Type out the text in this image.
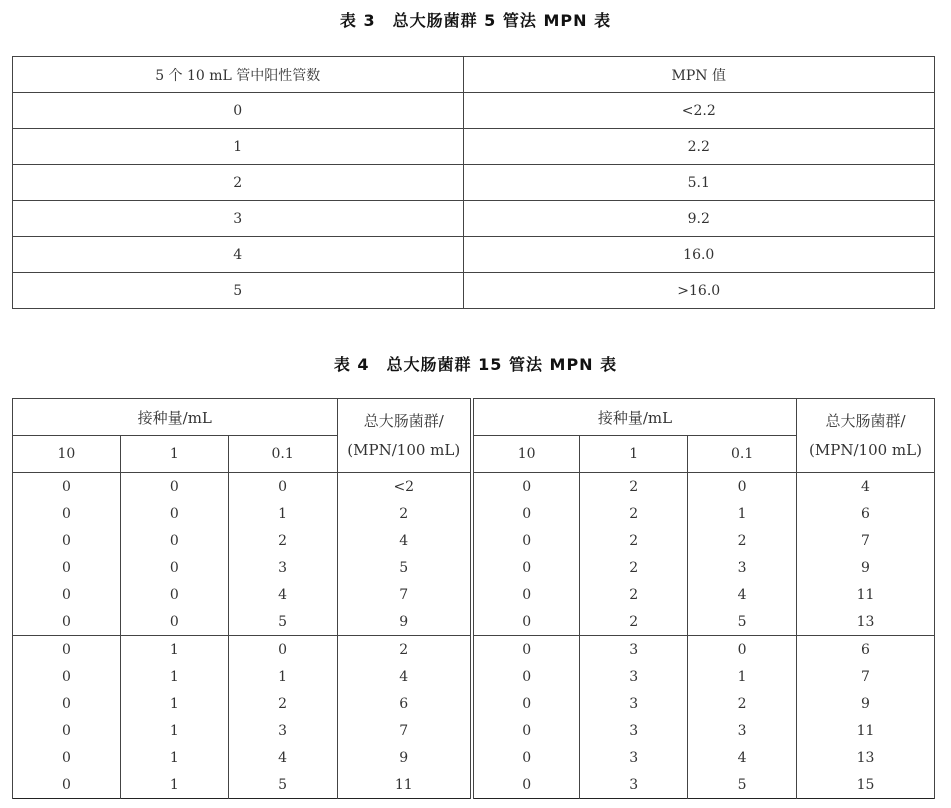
表 3　总大肠菌群 5 管法 MPN 表
5 个 10 mL 管中阳性管数	MPN 值
0	<2.2
1	2.2
2	5.1
3	9.2
4	16.0
5	>16.0
表 4　总大肠菌群 15 管法 MPN 表
接种量/mL			总大肠菌群/ (MPN/100 mL)	接种量/mL			总大肠菌群/ (MPN/100 mL)
10	1	0.1		10	1	0.1	
0	0	0	<2	0	2	0	4
0	0	1	2	0	2	1	6
0	0	2	4	0	2	2	7
0	0	3	5	0	2	3	9
0	0	4	7	0	2	4	11
0	0	5	9	0	2	5	13
0	1	0	2	0	3	0	6
0	1	1	4	0	3	1	7
0	1	2	6	0	3	2	9
0	1	3	7	0	3	3	11
0	1	4	9	0	3	4	13
0	1	5	11	0	3	5	15
